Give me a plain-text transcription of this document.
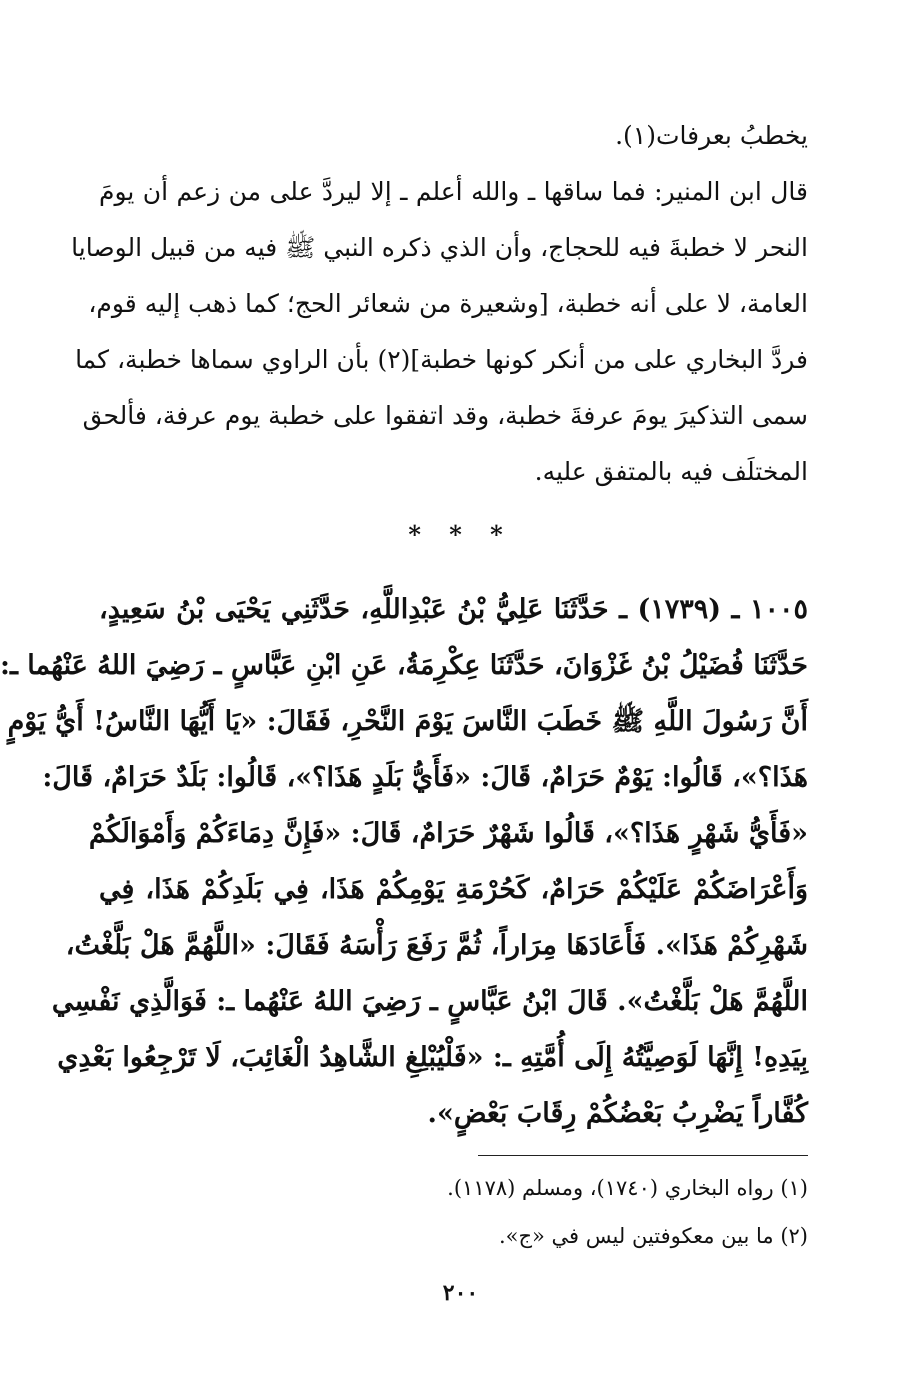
يخطبُ بعرفات(١).
قال ابن المنير: فما ساقها ـ والله أعلم ـ إلا ليردَّ على من زعم أن يومَ
النحر لا خطبةَ فيه للحجاج، وأن الذي ذكره النبي ﷺ فيه من قبيل الوصايا
العامة، لا على أنه خطبة، [وشعيرة من شعائر الحج؛ كما ذهب إليه قوم،
فردَّ البخاري على من أنكر كونها خطبة](٢) بأن الراوي سماها خطبة، كما
سمى التذكيرَ يومَ عرفةَ خطبة، وقد اتفقوا على خطبة يوم عرفة، فألحق
المختلَف فيه بالمتفق عليه.
* * *
١٠٠٥ ـ (١٧٣٩) ـ حَدَّثَنَا عَلِيُّ بْنُ عَبْدِاللَّهِ، حَدَّثَنِي يَحْيَى بْنُ سَعِيدٍ،
حَدَّثَنَا فُضَيْلُ بْنُ غَزْوَانَ، حَدَّثَنَا عِكْرِمَةُ، عَنِ ابْنِ عَبَّاسٍ ـ رَضِيَ اللهُ عَنْهُما ـ:
أَنَّ رَسُولَ اللَّهِ ﷺ خَطَبَ النَّاسَ يَوْمَ النَّحْرِ، فَقَالَ: «يَا أَيُّهَا النَّاسُ! أَيُّ يَوْمٍ
هَذَا؟»، قَالُوا: يَوْمٌ حَرَامٌ، قَالَ: «فَأَيُّ بَلَدٍ هَذَا؟»، قَالُوا: بَلَدٌ حَرَامٌ، قَالَ:
«فَأَيُّ شَهْرٍ هَذَا؟»، قَالُوا شَهْرٌ حَرَامٌ، قَالَ: «فَإِنَّ دِمَاءَكُمْ وَأَمْوَالَكُمْ
وَأَعْرَاضَكُمْ عَلَيْكُمْ حَرَامٌ، كَحُرْمَةِ يَوْمِكُمْ هَذَا، فِي بَلَدِكُمْ هَذَا، فِي
شَهْرِكُمْ هَذَا». فَأَعَادَهَا مِرَاراً، ثُمَّ رَفَعَ رَأْسَهُ فَقَالَ: «اللَّهُمَّ هَلْ بَلَّغْتُ،
اللَّهُمَّ هَلْ بَلَّغْتُ». قَالَ ابْنُ عَبَّاسٍ ـ رَضِيَ اللهُ عَنْهُما ـ: فَوَالَّذِي نَفْسِي
بِيَدِهِ! إِنَّهَا لَوَصِيَّتُهُ إِلَى أُمَّتِهِ ـ: «فَلْيُبْلِغِ الشَّاهِدُ الْغَائِبَ، لَا تَرْجِعُوا بَعْدِي
كُفَّاراً يَضْرِبُ بَعْضُكُمْ رِقَابَ بَعْضٍ».
(١) رواه البخاري (١٧٤٠)، ومسلم (١١٧٨).
(٢) ما بين معكوفتين ليس في «ج».
٢٠٠
